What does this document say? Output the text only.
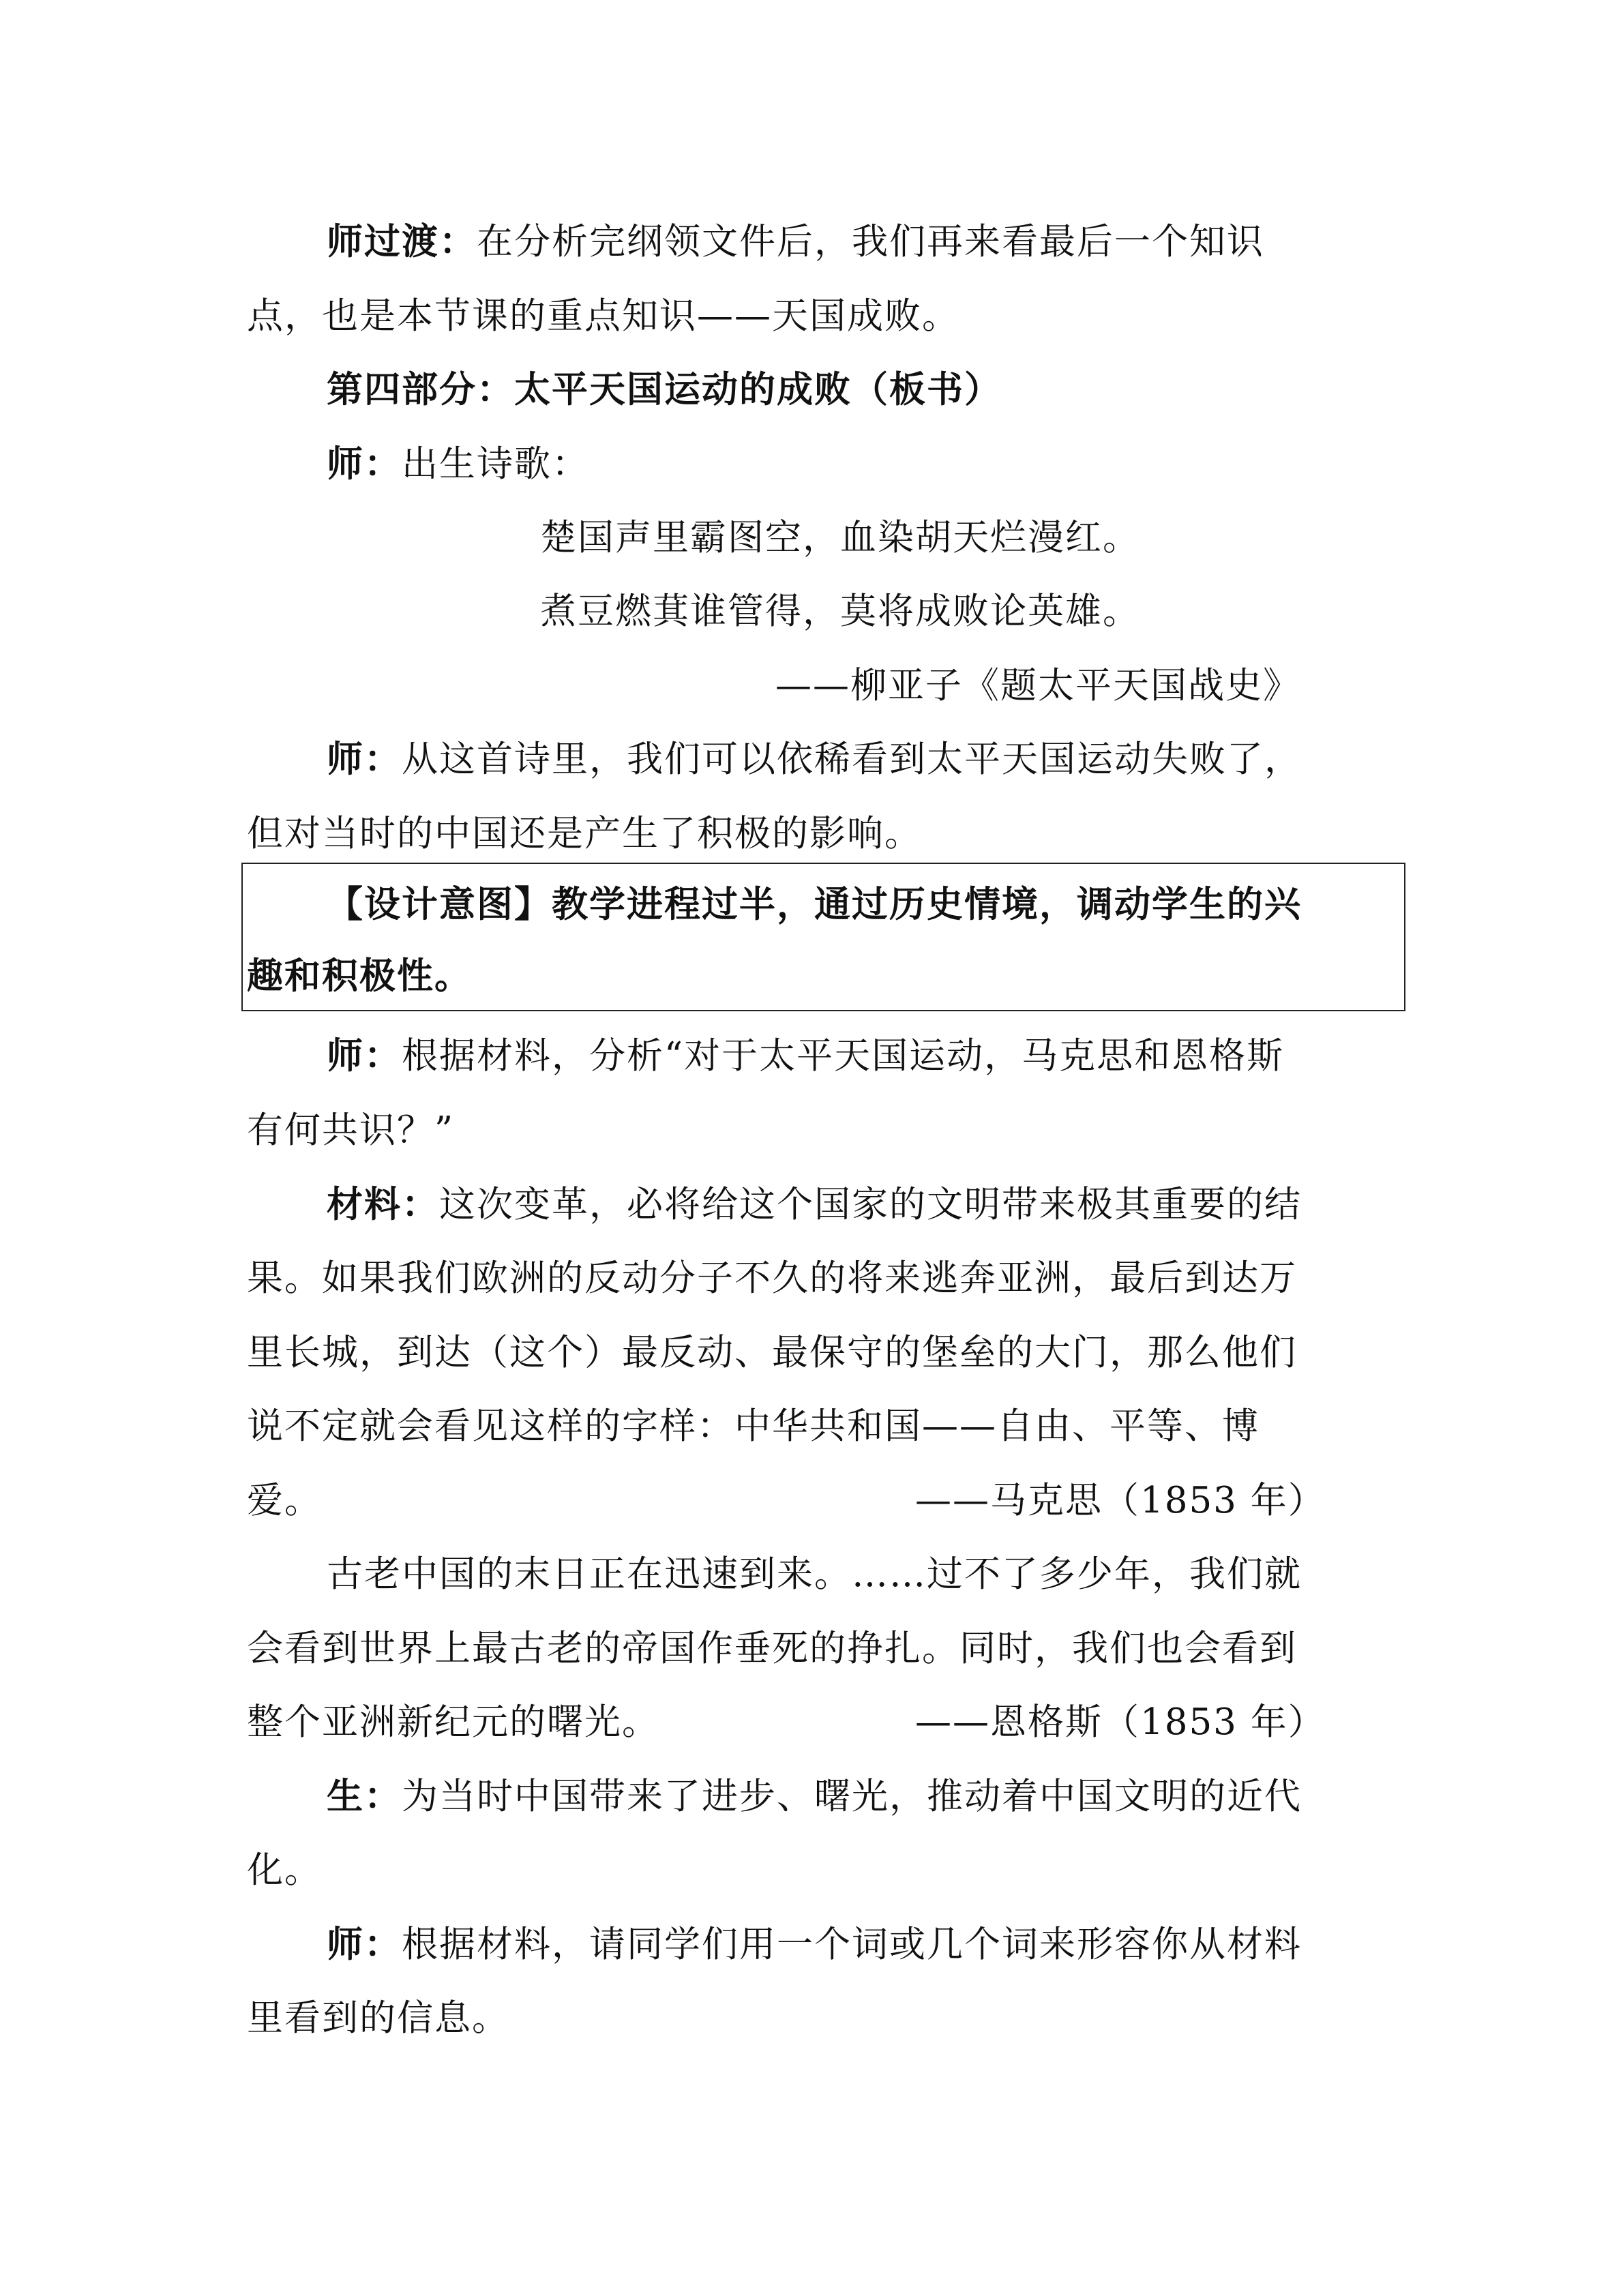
师过渡：在分析完纲领文件后，我们再来看最后一个知识
点，也是本节课的重点知识——天国成败。
第四部分：太平天国运动的成败（板书）
师：出生诗歌：
楚国声里霸图空，血染胡天烂漫红。
煮豆燃萁谁管得，莫将成败论英雄。
——柳亚子《题太平天国战史》
师：从这首诗里，我们可以依稀看到太平天国运动失败了，
但对当时的中国还是产生了积极的影响。
【设计意图】教学进程过半，通过历史情境，调动学生的兴
趣和积极性。
师：根据材料，分析“对于太平天国运动，马克思和恩格斯
有何共识？”
材料：这次变革，必将给这个国家的文明带来极其重要的结
果。如果我们欧洲的反动分子不久的将来逃奔亚洲，最后到达万
里长城，到达（这个）最反动、最保守的堡垒的大门，那么他们
说不定就会看见这样的字样：中华共和国——自由、平等、博
爱。	——马克思（1853 年）
古老中国的末日正在迅速到来。……过不了多少年，我们就
会看到世界上最古老的帝国作垂死的挣扎。同时，我们也会看到
整个亚洲新纪元的曙光。	——恩格斯（1853 年）
生：为当时中国带来了进步、曙光，推动着中国文明的近代
化。
师：根据材料，请同学们用一个词或几个词来形容你从材料
里看到的信息。
